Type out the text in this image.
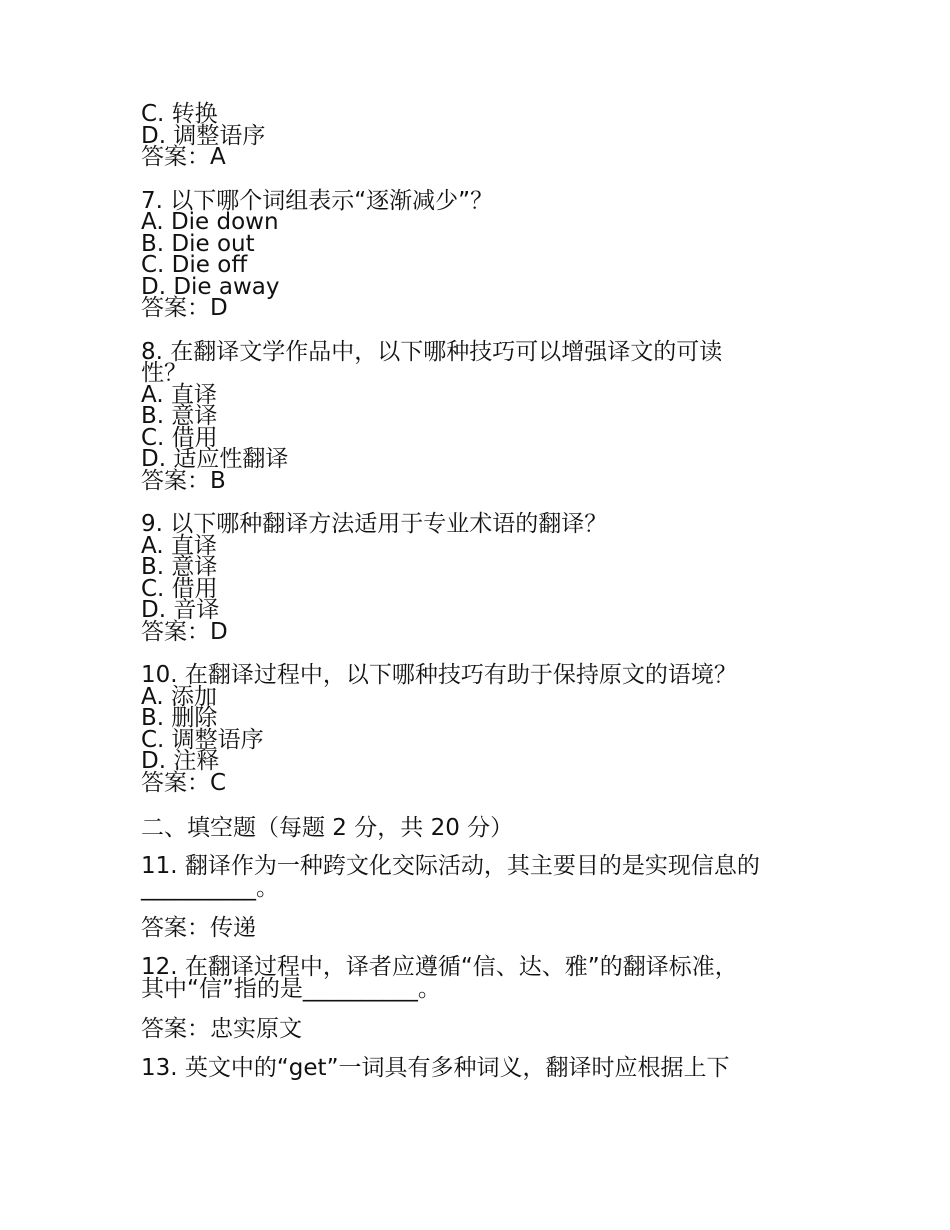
C. 转换
D. 调整语序
答案：A
7. 以下哪个词组表示“逐渐减少”？
A. Die down
B. Die out
C. Die off
D. Die away
答案：D
8. 在翻译文学作品中，以下哪种技巧可以增强译文的可读
性？
A. 直译
B. 意译
C. 借用
D. 适应性翻译
答案：B
9. 以下哪种翻译方法适用于专业术语的翻译？
A. 直译
B. 意译
C. 借用
D. 音译
答案：D
10. 在翻译过程中，以下哪种技巧有助于保持原文的语境？
A. 添加
B. 删除
C. 调整语序
D. 注释
答案：C
二、填空题（每题 2 分，共 20 分）
11. 翻译作为一种跨文化交际活动，其主要目的是实现信息的
__________。
答案：传递
12. 在翻译过程中，译者应遵循“信、达、雅”的翻译标准，
其中“信”指的是__________。
答案：忠实原文
13. 英文中的“get”一词具有多种词义，翻译时应根据上下
